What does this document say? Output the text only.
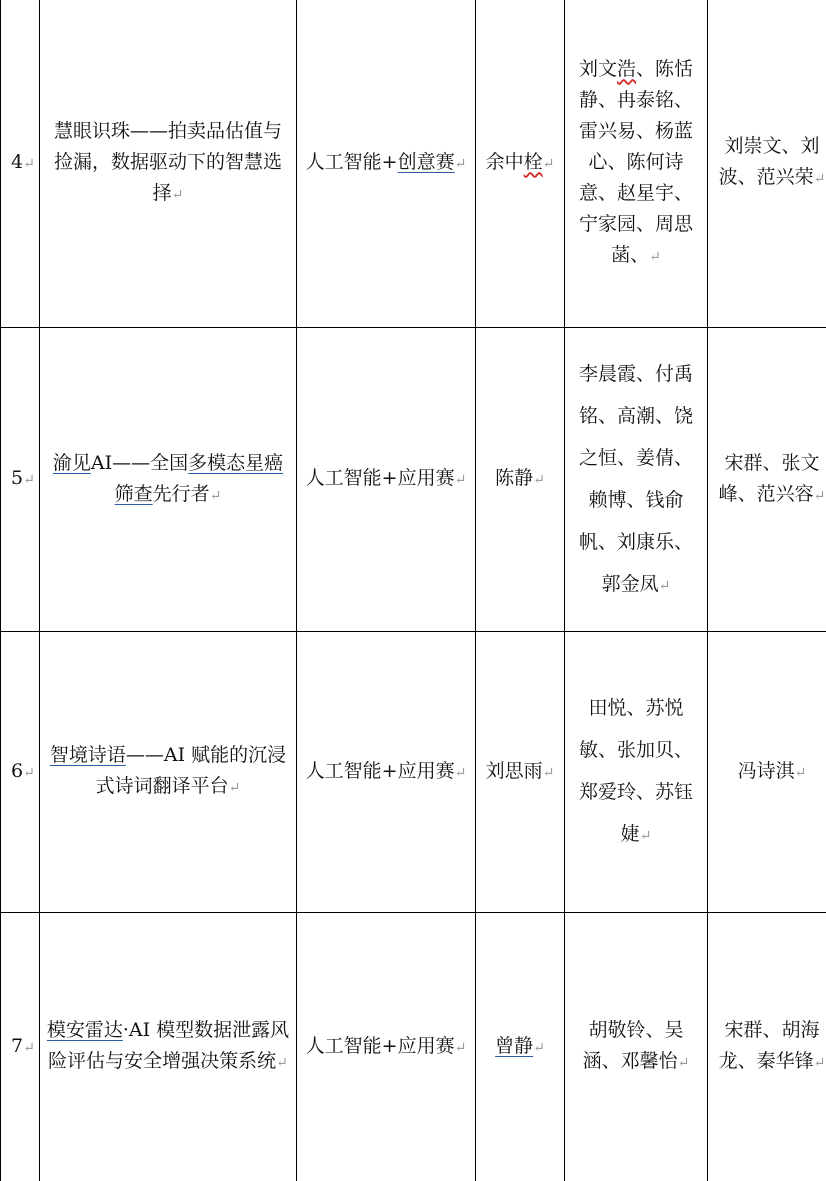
4↵	慧眼识珠——拍卖品估值与捡漏，数据驱动下的智慧选择↵	人工智能+创意赛↵	余中栓↵	刘文浩、陈恬静、冉泰铭、雷兴易、杨蓝心、陈何诗意、赵星宇、宁家园、周思菡、↵	刘崇文、刘波、范兴荣↵
5↵	渝见AI——全国多模态星癌筛查先行者↵	人工智能+应用赛↵	陈静↵	李晨霞、付禹铭、高潮、饶之恒、姜倩、赖博、钱俞帆、刘康乐、郭金凤↵	宋群、张文峰、范兴容↵
6↵	智境诗语——AI 赋能的沉浸式诗词翻译平台↵	人工智能+应用赛↵	刘思雨↵	田悦、苏悦敏、张加贝、郑爱玲、苏钰婕↵	冯诗淇↵
7↵	模安雷达·AI 模型数据泄露风险评估与安全增强决策系统↵	人工智能+应用赛↵	曾静↵	胡敬铃、吴涵、邓馨怡↵	宋群、胡海龙、秦华锋↵
